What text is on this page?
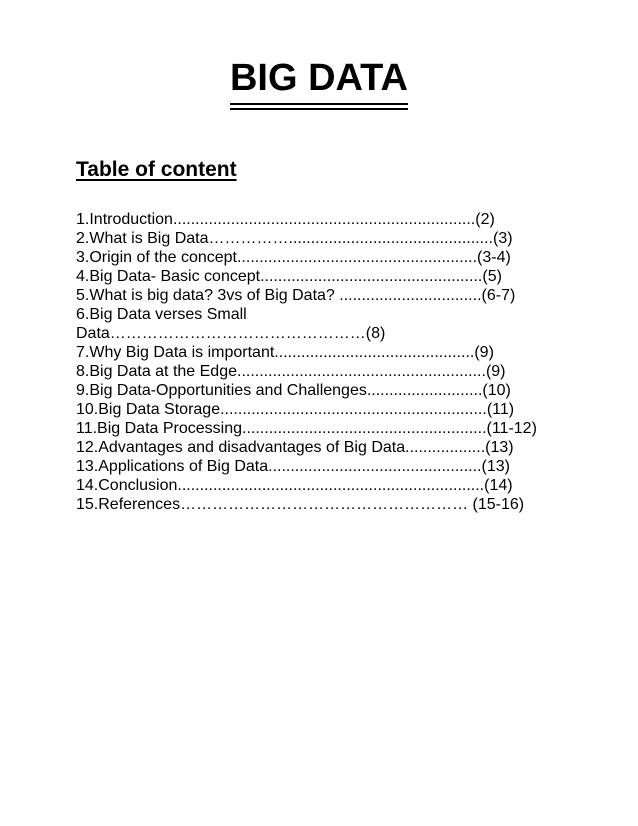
BIG DATA
Table of content
1.Introduction....................................................................(2)
2.What is Big Data……………..............................................(3)
3.Origin of the concept......................................................(3-4)
4.Big Data- Basic concept..................................................(5)
5.What is big data? 3vs of Big Data? ................................(6-7)
6.Big Data verses Small
Data…………………………………………(8)
7.Why Big Data is important.............................................(9)
8.Big Data at the Edge........................................................(9)
9.Big Data-Opportunities and Challenges..........................(10)
10.Big Data Storage............................................................(11)
11.Big Data Processing.......................................................(11-12)
12.Advantages and disadvantages of Big Data..................(13)
13.Applications of Big Data................................................(13)
14.Conclusion.....................................................................(14)
15.References……………………………………………… (15-16)
